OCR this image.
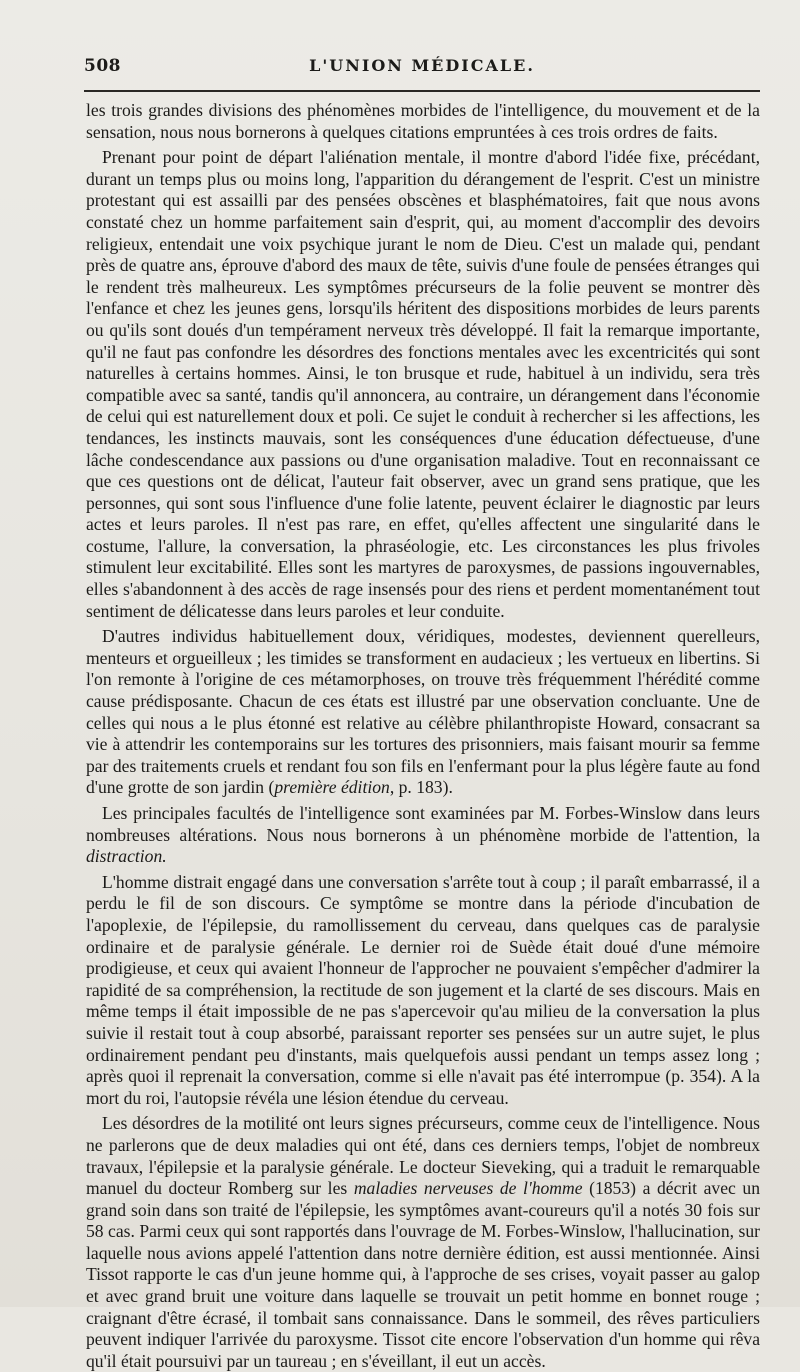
508	L'UNION MÉDICALE.

les trois grandes divisions des phénomènes morbides de l'intelligence, du mouvement et de la sensation, nous nous bornerons à quelques citations empruntées à ces trois ordres de faits.

Prenant pour point de départ l'aliénation mentale, il montre d'abord l'idée fixe, précédant, durant un temps plus ou moins long, l'apparition du dérangement de l'esprit. C'est un ministre protestant qui est assailli par des pensées obscènes et blasphématoires, fait que nous avons constaté chez un homme parfaitement sain d'esprit, qui, au moment d'accomplir des devoirs religieux, entendait une voix psychique jurant le nom de Dieu. C'est un malade qui, pendant près de quatre ans, éprouve d'abord des maux de tête, suivis d'une foule de pensées étranges qui le rendent très malheureux. Les symptômes précurseurs de la folie peuvent se montrer dès l'enfance et chez les jeunes gens, lorsqu'ils héritent des dispositions morbides de leurs parents ou qu'ils sont doués d'un tempérament nerveux très développé. Il fait la remarque importante, qu'il ne faut pas confondre les désordres des fonctions mentales avec les excentricités qui sont naturelles à certains hommes. Ainsi, le ton brusque et rude, habituel à un individu, sera très compatible avec sa santé, tandis qu'il annoncera, au contraire, un dérangement dans l'économie de celui qui est naturellement doux et poli. Ce sujet le conduit à rechercher si les affections, les tendances, les instincts mauvais, sont les conséquences d'une éducation défectueuse, d'une lâche condescendance aux passions ou d'une organisation maladive. Tout en reconnaissant ce que ces questions ont de délicat, l'auteur fait observer, avec un grand sens pratique, que les personnes, qui sont sous l'influence d'une folie latente, peuvent éclairer le diagnostic par leurs actes et leurs paroles. Il n'est pas rare, en effet, qu'elles affectent une singularité dans le costume, l'allure, la conversation, la phraséologie, etc. Les circonstances les plus frivoles stimulent leur excitabilité. Elles sont les martyres de paroxysmes, de passions ingouvernables, elles s'abandonnent à des accès de rage insensés pour des riens et perdent momentanément tout sentiment de délicatesse dans leurs paroles et leur conduite.

D'autres individus habituellement doux, véridiques, modestes, deviennent querelleurs, menteurs et orgueilleux ; les timides se transforment en audacieux ; les vertueux en libertins. Si l'on remonte à l'origine de ces métamorphoses, on trouve très fréquemment l'hérédité comme cause prédisposante. Chacun de ces états est illustré par une observation concluante. Une de celles qui nous a le plus étonné est relative au célèbre philanthropiste Howard, consacrant sa vie à attendrir les contemporains sur les tortures des prisonniers, mais faisant mourir sa femme par des traitements cruels et rendant fou son fils en l'enfermant pour la plus légère faute au fond d'une grotte de son jardin (première édition, p. 183).

Les principales facultés de l'intelligence sont examinées par M. Forbes-Winslow dans leurs nombreuses altérations. Nous nous bornerons à un phénomène morbide de l'attention, la distraction.

L'homme distrait engagé dans une conversation s'arrête tout à coup ; il paraît embarrassé, il a perdu le fil de son discours. Ce symptôme se montre dans la période d'incubation de l'apoplexie, de l'épilepsie, du ramollissement du cerveau, dans quelques cas de paralysie ordinaire et de paralysie générale. Le dernier roi de Suède était doué d'une mémoire prodigieuse, et ceux qui avaient l'honneur de l'approcher ne pouvaient s'empêcher d'admirer la rapidité de sa compréhension, la rectitude de son jugement et la clarté de ses discours. Mais en même temps il était impossible de ne pas s'apercevoir qu'au milieu de la conversation la plus suivie il restait tout à coup absorbé, paraissant reporter ses pensées sur un autre sujet, le plus ordinairement pendant peu d'instants, mais quelquefois aussi pendant un temps assez long ; après quoi il reprenait la conversation, comme si elle n'avait pas été interrompue (p. 354). A la mort du roi, l'autopsie révéla une lésion étendue du cerveau.

Les désordres de la motilité ont leurs signes précurseurs, comme ceux de l'intelligence. Nous ne parlerons que de deux maladies qui ont été, dans ces derniers temps, l'objet de nombreux travaux, l'épilepsie et la paralysie générale. Le docteur Sieveking, qui a traduit le remarquable manuel du docteur Romberg sur les maladies nerveuses de l'homme (1853) a décrit avec un grand soin dans son traité de l'épilepsie, les symptômes avant-coureurs qu'il a notés 30 fois sur 58 cas. Parmi ceux qui sont rapportés dans l'ouvrage de M. Forbes-Winslow, l'hallucination, sur laquelle nous avions appelé l'attention dans notre dernière édition, est aussi mentionnée. Ainsi Tissot rapporte le cas d'un jeune homme qui, à l'approche de ses crises, voyait passer au galop et avec grand bruit une voiture dans laquelle se trouvait un petit homme en bonnet rouge ; craignant d'être écrasé, il tombait sans connaissance. Dans le sommeil, des rêves particuliers peuvent indiquer l'arrivée du paroxysme. Tissot cite encore l'observation d'un homme qui rêva qu'il était poursuivi par un taureau ; en s'éveillant, il eut un accès.
